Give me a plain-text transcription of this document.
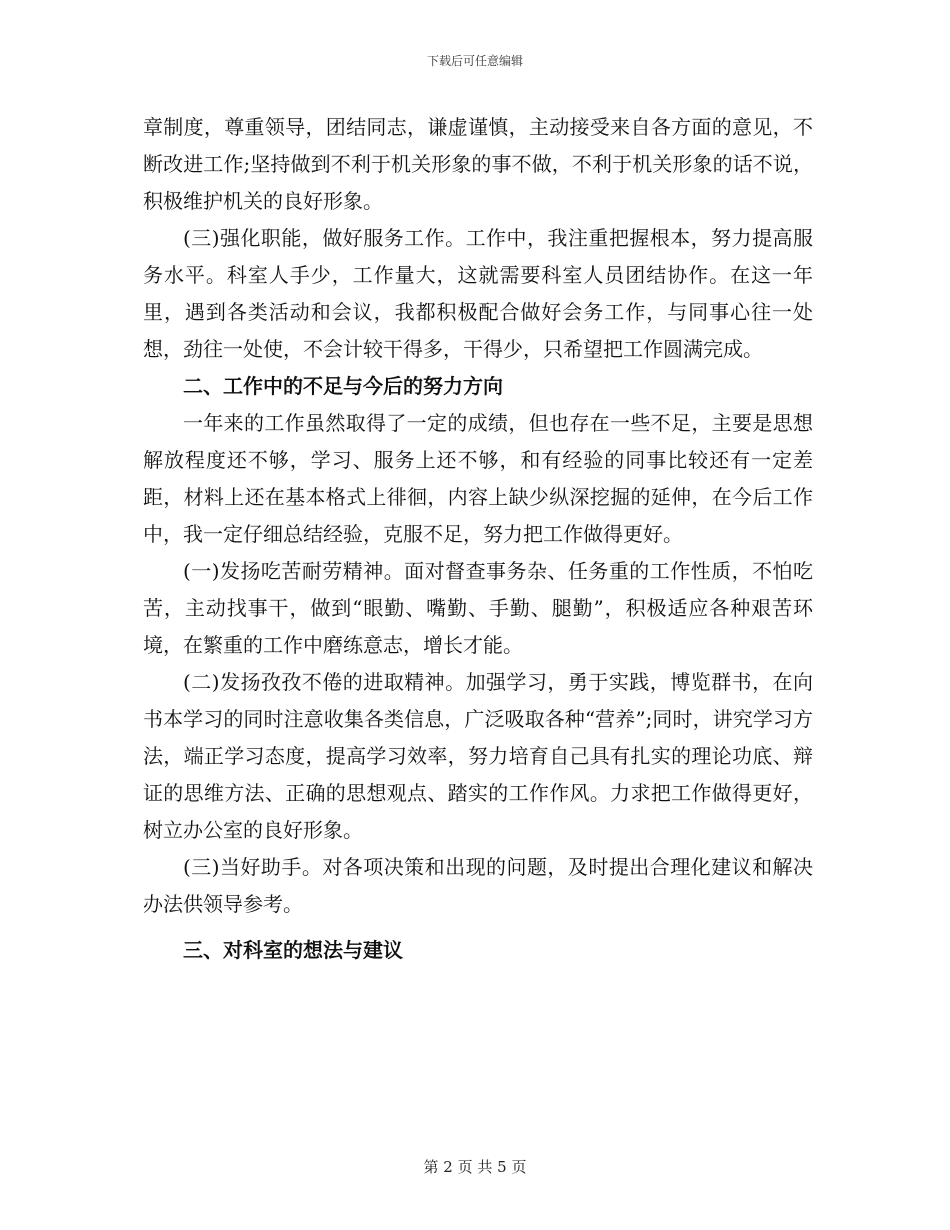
下载后可任意编辑

章制度，尊重领导，团结同志，谦虚谨慎，主动接受来自各方面的意见，不断改进工作;坚持做到不利于机关形象的事不做，不利于机关形象的话不说，积极维护机关的良好形象。

(三)强化职能，做好服务工作。工作中，我注重把握根本，努力提高服务水平。科室人手少，工作量大，这就需要科室人员团结协作。在这一年里，遇到各类活动和会议，我都积极配合做好会务工作，与同事心往一处想，劲往一处使，不会计较干得多，干得少，只希望把工作圆满完成。

二、工作中的不足与今后的努力方向

一年来的工作虽然取得了一定的成绩，但也存在一些不足，主要是思想解放程度还不够，学习、服务上还不够，和有经验的同事比较还有一定差距，材料上还在基本格式上徘徊，内容上缺少纵深挖掘的延伸，在今后工作中，我一定仔细总结经验，克服不足，努力把工作做得更好。

(一)发扬吃苦耐劳精神。面对督查事务杂、任务重的工作性质，不怕吃苦，主动找事干，做到“眼勤、嘴勤、手勤、腿勤”，积极适应各种艰苦环境，在繁重的工作中磨练意志，增长才能。

(二)发扬孜孜不倦的进取精神。加强学习，勇于实践，博览群书，在向书本学习的同时注意收集各类信息，广泛吸取各种“营养”;同时，讲究学习方法，端正学习态度，提高学习效率，努力培育自己具有扎实的理论功底、辩证的思维方法、正确的思想观点、踏实的工作作风。力求把工作做得更好，树立办公室的良好形象。

(三)当好助手。对各项决策和出现的问题，及时提出合理化建议和解决办法供领导参考。

三、对科室的想法与建议

第 2 页 共 5 页
